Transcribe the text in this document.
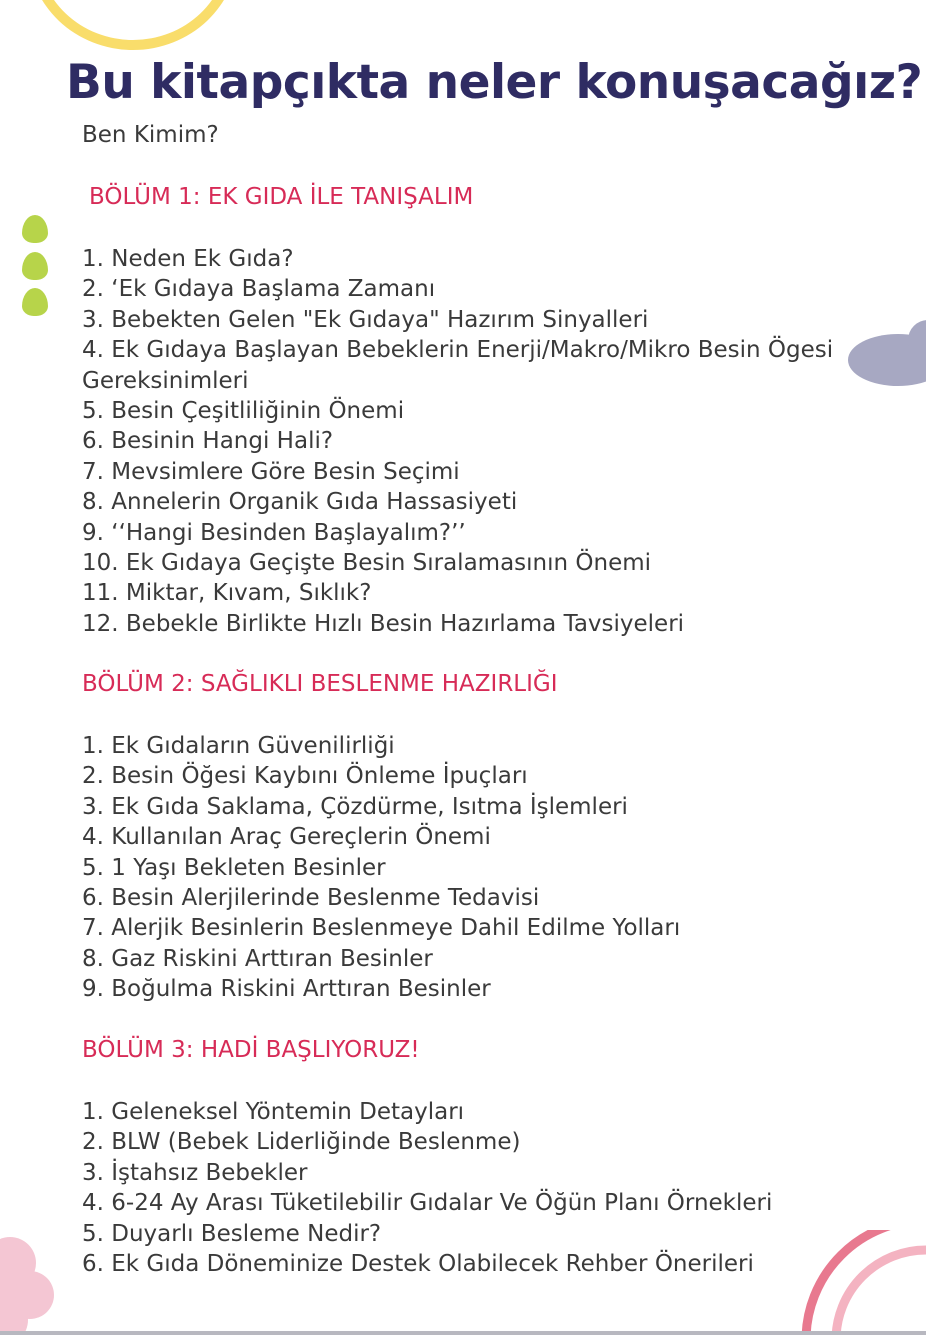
Bu kitapçıkta neler konuşacağız?
Ben Kimim?
BÖLÜM 1: EK GIDA İLE TANIŞALIM
1. Neden Ek Gıda?
2. ‘Ek Gıdaya Başlama Zamanı
3. Bebekten Gelen "Ek Gıdaya" Hazırım Sinyalleri
4. Ek Gıdaya Başlayan Bebeklerin Enerji/Makro/Mikro Besin Ögesi Gereksinimleri
5. Besin Çeşitliliğinin Önemi
6. Besinin Hangi Hali?
7. Mevsimlere Göre Besin Seçimi
8. Annelerin Organik Gıda Hassasiyeti
9. ‘‘Hangi Besinden Başlayalım?’’
10. Ek Gıdaya Geçişte Besin Sıralamasının Önemi
11. Miktar, Kıvam, Sıklık?
12. Bebekle Birlikte Hızlı Besin Hazırlama Tavsiyeleri
BÖLÜM 2: SAĞLIKLI BESLENME HAZIRLIĞI
1. Ek Gıdaların Güvenilirliği
2. Besin Öğesi Kaybını Önleme İpuçları
3. Ek Gıda Saklama, Çözdürme, Isıtma İşlemleri
4. Kullanılan Araç Gereçlerin Önemi
5. 1 Yaşı Bekleten Besinler
6. Besin Alerjilerinde Beslenme Tedavisi
7. Alerjik Besinlerin Beslenmeye Dahil Edilme Yolları
8. Gaz Riskini Arttıran Besinler
9. Boğulma Riskini Arttıran Besinler
BÖLÜM 3: HADİ BAŞLIYORUZ!
1. Geleneksel Yöntemin Detayları
2. BLW (Bebek Liderliğinde Beslenme)
3. İştahsız Bebekler
4. 6-24 Ay Arası Tüketilebilir Gıdalar Ve Öğün Planı Örnekleri
5. Duyarlı Besleme Nedir?
6. Ek Gıda Döneminize Destek Olabilecek Rehber Önerileri
